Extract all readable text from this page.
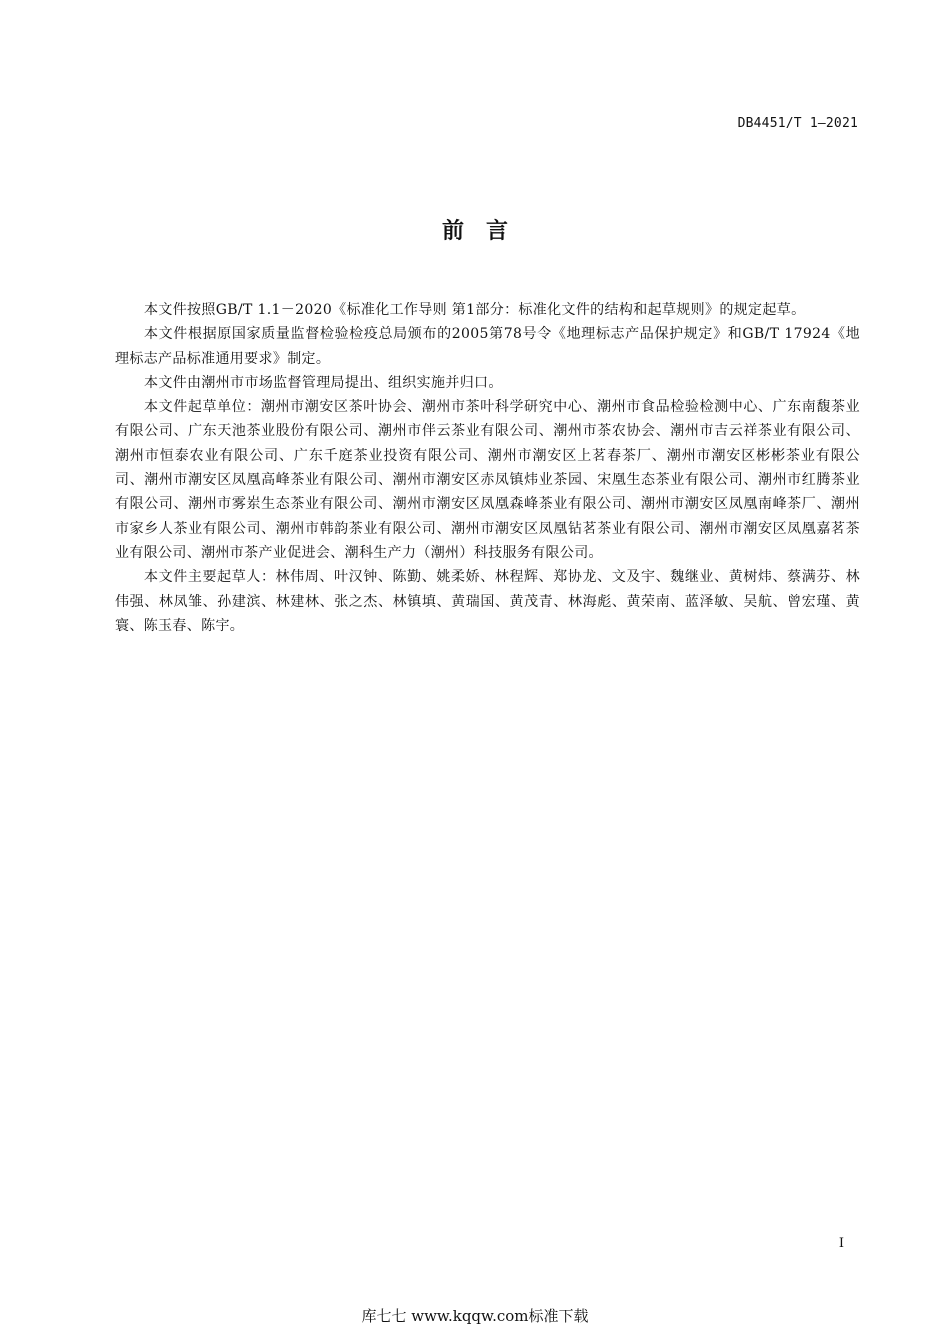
DB4451/T 1—2021
前言

本文件按照GB/T 1.1－2020《标准化工作导则 第1部分：标准化文件的结构和起草规则》的规定起草。

本文件根据原国家质量监督检验检疫总局颁布的2005第78号令《地理标志产品保护规定》和GB/T 17924《地理标志产品标准通用要求》制定。

本文件由潮州市市场监督管理局提出、组织实施并归口。

本文件起草单位：潮州市潮安区茶叶协会、潮州市茶叶科学研究中心、潮州市食品检验检测中心、广东南馥茶业有限公司、广东天池茶业股份有限公司、潮州市伴云茶业有限公司、潮州市茶农协会、潮州市吉云祥茶业有限公司、潮州市恒泰农业有限公司、广东千庭茶业投资有限公司、潮州市潮安区上茗春茶厂、潮州市潮安区彬彬茶业有限公司、潮州市潮安区凤凰高峰茶业有限公司、潮州市潮安区赤凤镇炜业茶园、宋凰生态茶业有限公司、潮州市红腾茶业有限公司、潮州市雾岽生态茶业有限公司、潮州市潮安区凤凰森峰茶业有限公司、潮州市潮安区凤凰南峰茶厂、潮州市家乡人茶业有限公司、潮州市韩韵茶业有限公司、潮州市潮安区凤凰钻茗茶业有限公司、潮州市潮安区凤凰嘉茗茶业有限公司、潮州市茶产业促进会、潮科生产力（潮州）科技服务有限公司。

本文件主要起草人：林伟周、叶汉钟、陈勤、姚柔娇、林程辉、郑协龙、文及宇、魏继业、黄树炜、蔡满芬、林伟强、林凤雏、孙建滨、林建林、张之杰、林镇填、黄瑞国、黄茂青、林海彪、黄荣南、蓝泽敏、吴航、曾宏瑾、黄寰、陈玉春、陈宇。

I
库七七 www.kqqw.com标准下载
